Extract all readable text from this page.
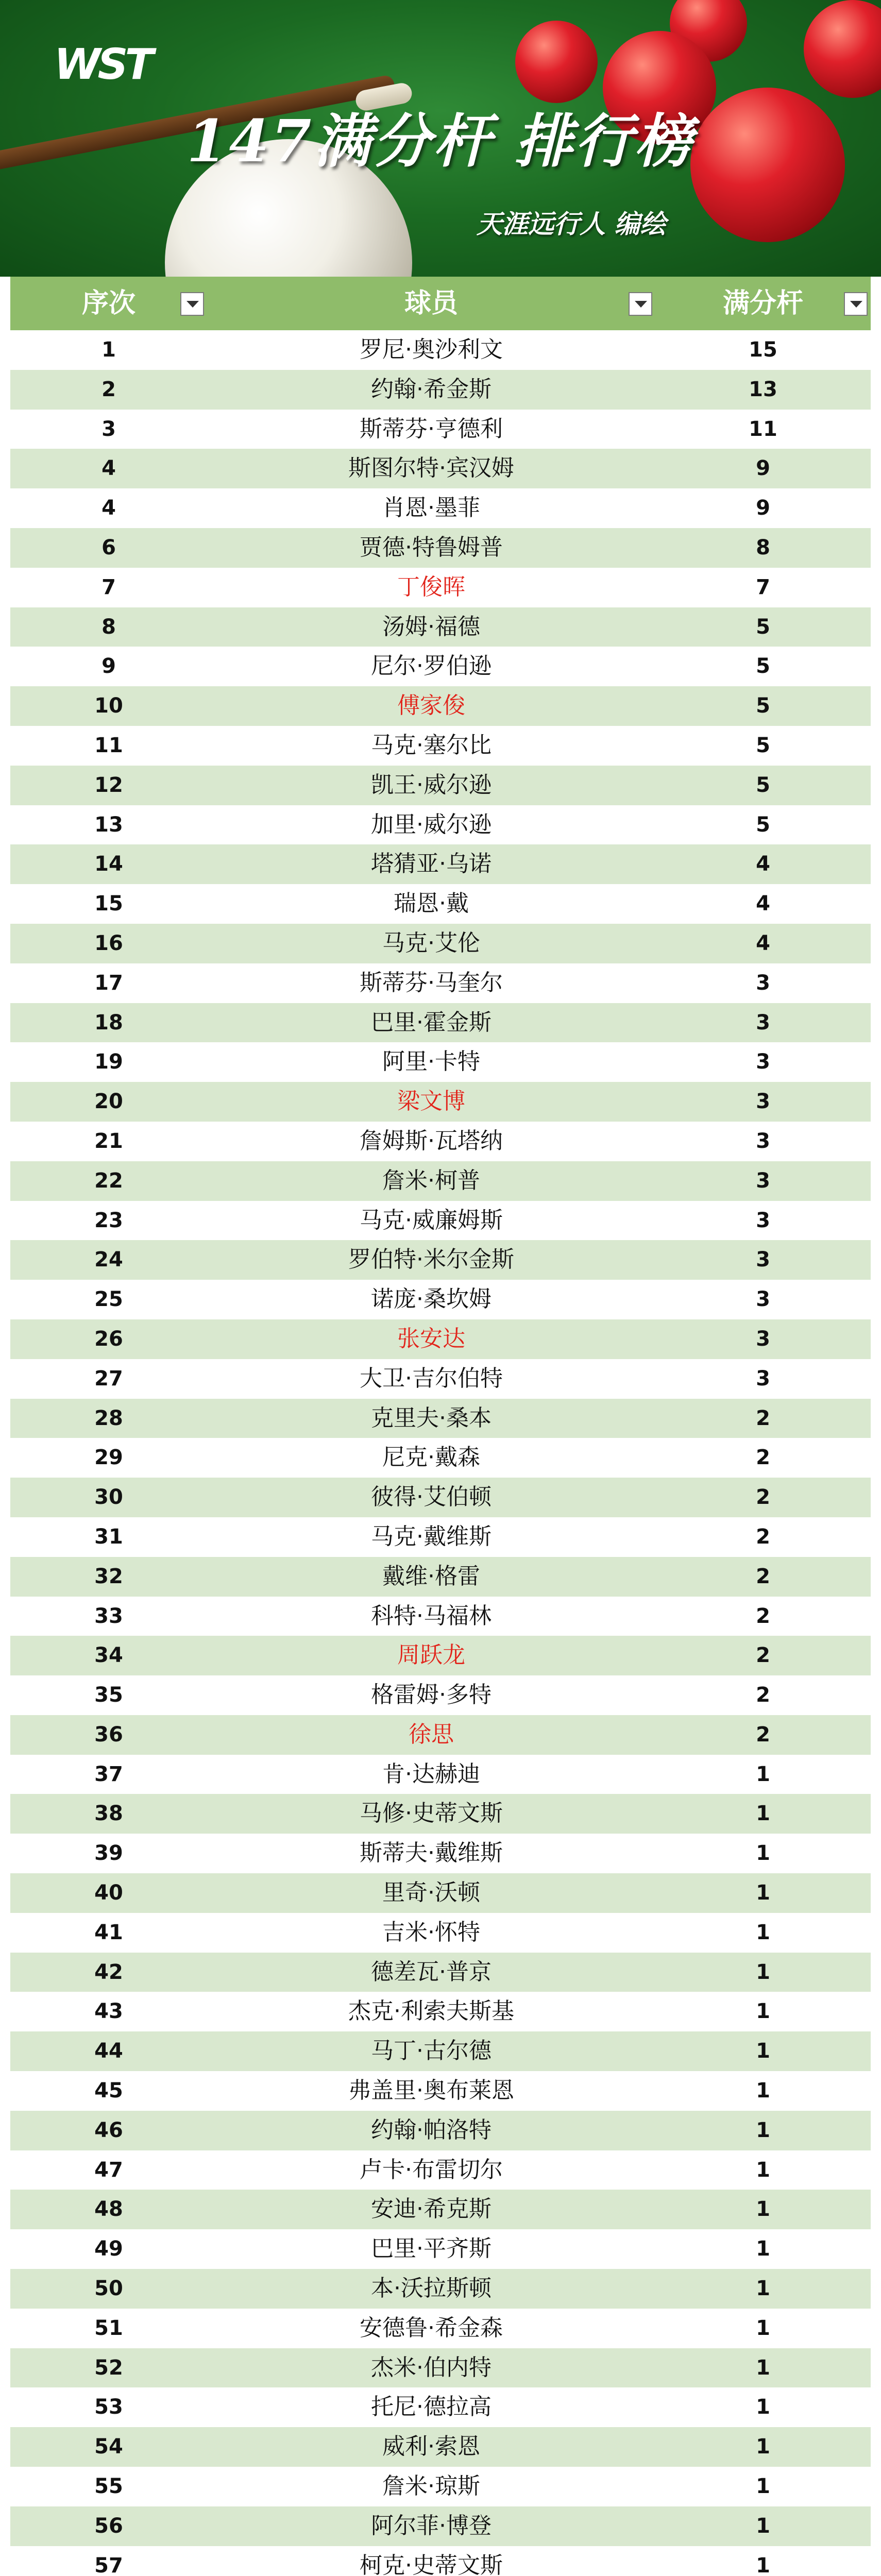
WST
147满分杆 排行榜
天涯远行人 编绘
序次	球员	满分杆
1	罗尼·奥沙利文	15
2	约翰·希金斯	13
3	斯蒂芬·亨德利	11
4	斯图尔特·宾汉姆	9
4	肖恩·墨菲	9
6	贾德·特鲁姆普	8
7	丁俊晖	7
8	汤姆·福德	5
9	尼尔·罗伯逊	5
10	傅家俊	5
11	马克·塞尔比	5
12	凯王·威尔逊	5
13	加里·威尔逊	5
14	塔猜亚·乌诺	4
15	瑞恩·戴	4
16	马克·艾伦	4
17	斯蒂芬·马奎尔	3
18	巴里·霍金斯	3
19	阿里·卡特	3
20	梁文博	3
21	詹姆斯·瓦塔纳	3
22	詹米·柯普	3
23	马克·威廉姆斯	3
24	罗伯特·米尔金斯	3
25	诺庞·桑坎姆	3
26	张安达	3
27	大卫·吉尔伯特	3
28	克里夫·桑本	2
29	尼克·戴森	2
30	彼得·艾伯顿	2
31	马克·戴维斯	2
32	戴维·格雷	2
33	科特·马福林	2
34	周跃龙	2
35	格雷姆·多特	2
36	徐思	2
37	肯·达赫迪	1
38	马修·史蒂文斯	1
39	斯蒂夫·戴维斯	1
40	里奇·沃顿	1
41	吉米·怀特	1
42	德差瓦·普京	1
43	杰克·利索夫斯基	1
44	马丁·古尔德	1
45	弗盖里·奥布莱恩	1
46	约翰·帕洛特	1
47	卢卡·布雷切尔	1
48	安迪·希克斯	1
49	巴里·平齐斯	1
50	本·沃拉斯顿	1
51	安德鲁·希金森	1
52	杰米·伯内特	1
53	托尼·德拉高	1
54	威利·索恩	1
55	詹米·琼斯	1
56	阿尔菲·博登	1
57	柯克·史蒂文斯	1
